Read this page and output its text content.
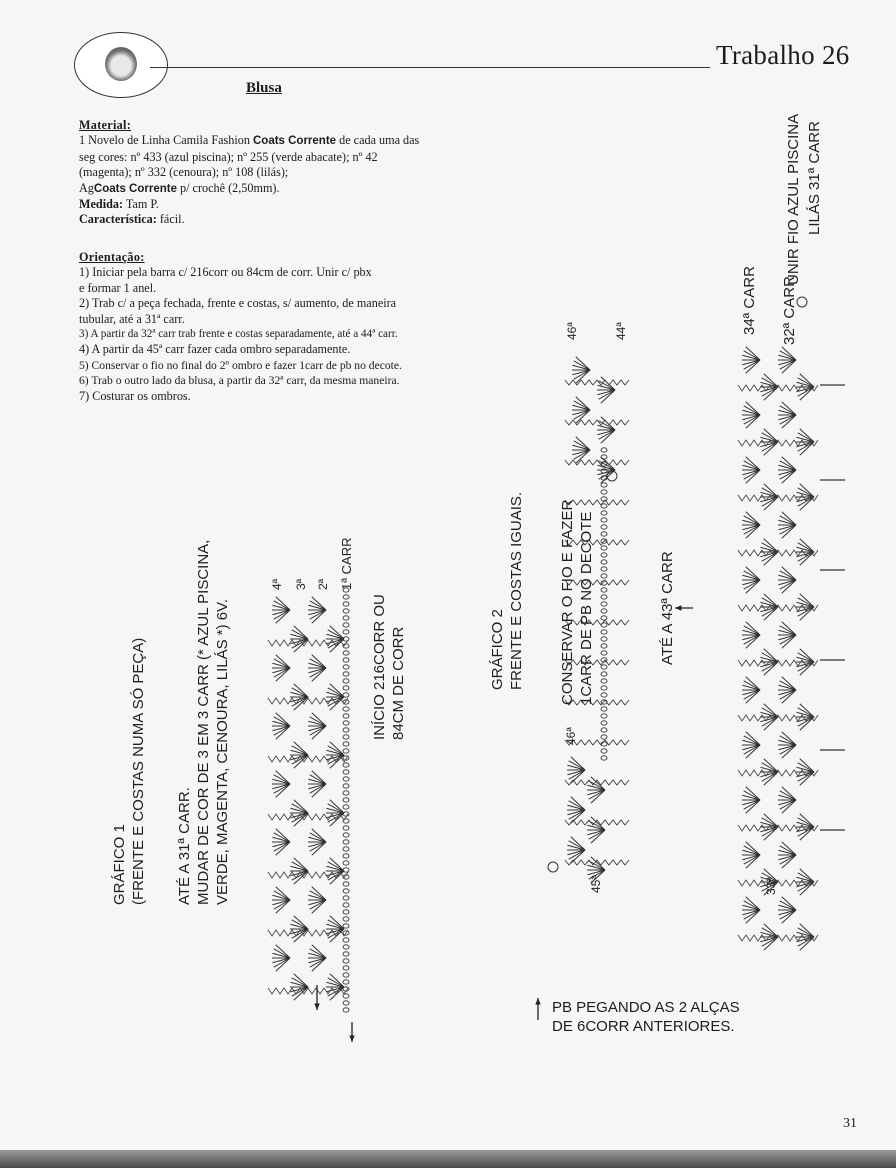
Trabalho 26
Blusa
Material:
1 Novelo de Linha Camila Fashion Coats Corrente de cada uma das
seg cores: nº 433 (azul piscina); nº 255 (verde abacate); nº 42
(magenta); nº 332 (cenoura); nº 108 (lilás);
AgCoats Corrente p/ crochê (2,50mm).
Medida: Tam P.
Característica: fácil.
Orientação:
1) Iniciar pela barra c/ 216corr ou 84cm de corr. Unir c/ pbx
e formar 1 anel.
2) Trab c/ a peça fechada, frente e costas, s/ aumento, de maneira
tubular, até a 31ª carr.
3) A partir da 32ª carr trab frente e costas separadamente, até a 44ª carr.
4) A partir da 45ª carr fazer cada ombro separadamente.
5) Conservar o fio no final do 2º ombro e fazer 1carr de pb no decote.
6) Trab o outro lado da blusa, a partir da 32ª carr, da mesma maneira.
7) Costurar os ombros.
GRÁFICO 1
(FRENTE E COSTAS NUMA SÓ PEÇA)
ATÉ A 31ª CARR.
MUDAR DE COR DE 3 EM 3 CARR (* AZUL PISCINA,
VERDE, MAGENTA, CENOURA, LILÁS *) 6V.
INÍCIO 216CORR OU
84CM DE CORR
4ª 3ª 2ª 1ª CARR
GRÁFICO 2
FRENTE E COSTAS IGUAIS.
CONSERVAR O FIO E FAZER
1CARR DE PB NO DECOTE
ATÉ A 43ª CARR
46ª	44ª
46ª
45ª
34ª CARR 32ª CARR
33ª
UNIR FIO AZUL PISCINA LILÁS 31ª CARR
PB PEGANDO AS 2 ALÇAS
DE 6CORR ANTERIORES.
31
